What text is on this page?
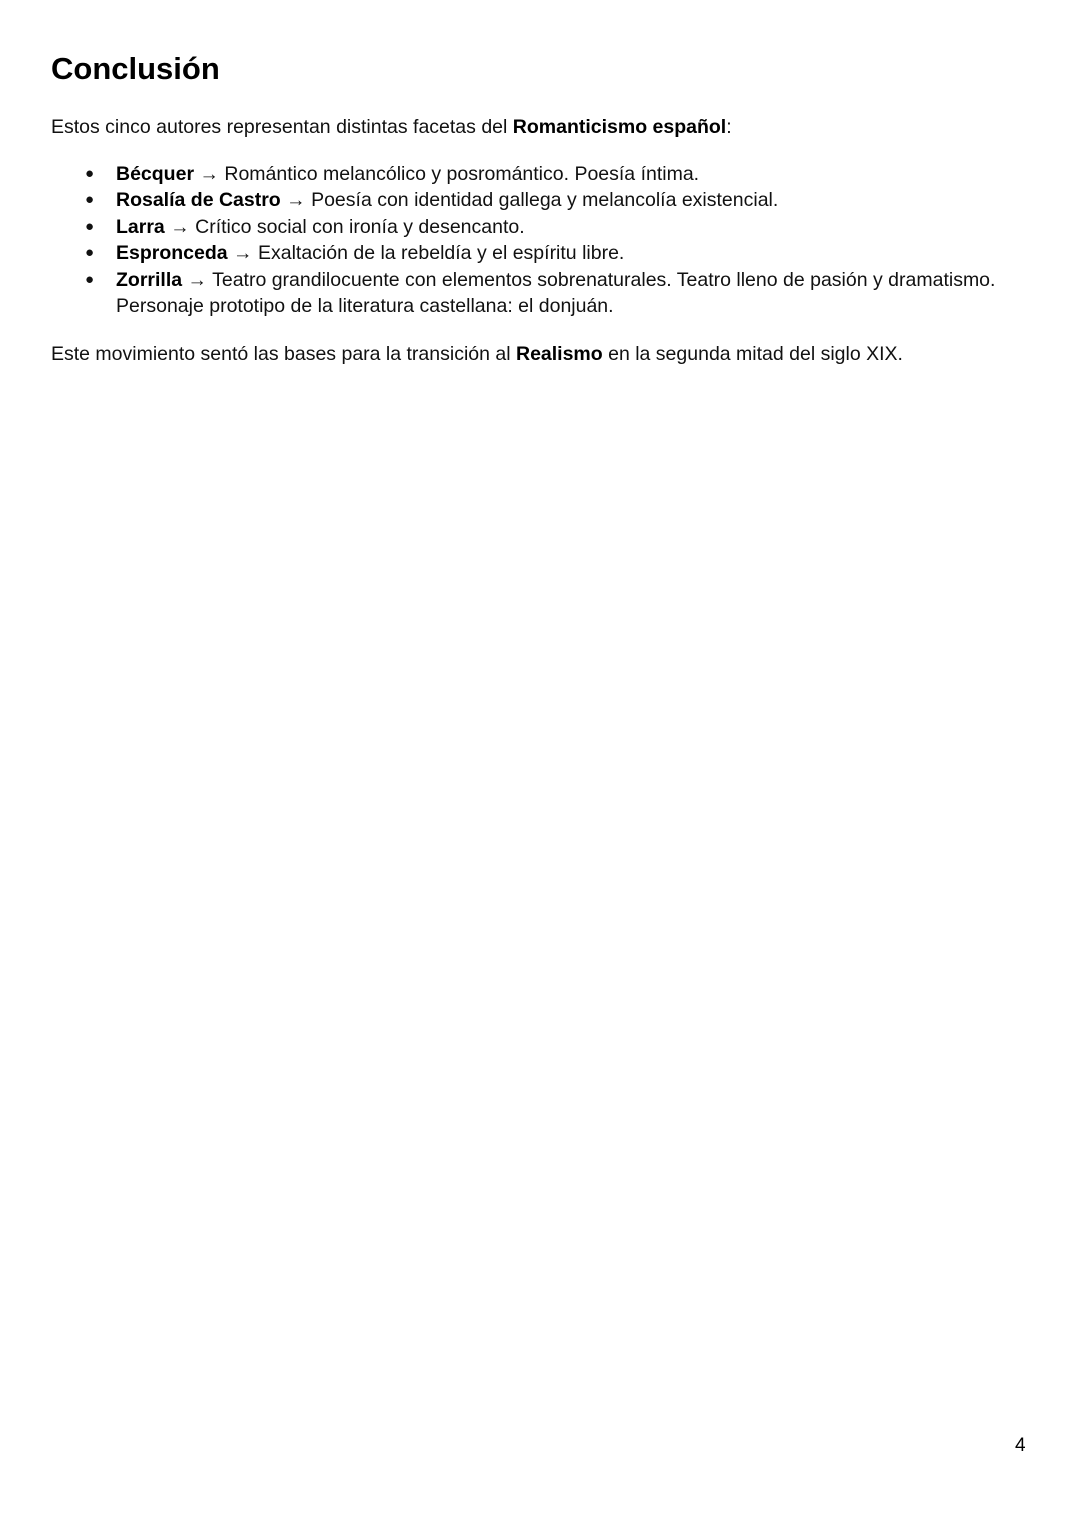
Conclusión

Estos cinco autores representan distintas facetas del Romanticismo español:

● Bécquer → Romántico melancólico y posromántico. Poesía íntima.
● Rosalía de Castro → Poesía con identidad gallega y melancolía existencial.
● Larra → Crítico social con ironía y desencanto.
● Espronceda → Exaltación de la rebeldía y el espíritu libre.
● Zorrilla → Teatro grandilocuente con elementos sobrenaturales. Teatro lleno de pasión y dramatismo. Personaje prototipo de la literatura castellana: el donjuán.

Este movimiento sentó las bases para la transición al Realismo en la segunda mitad del siglo XIX.

4
